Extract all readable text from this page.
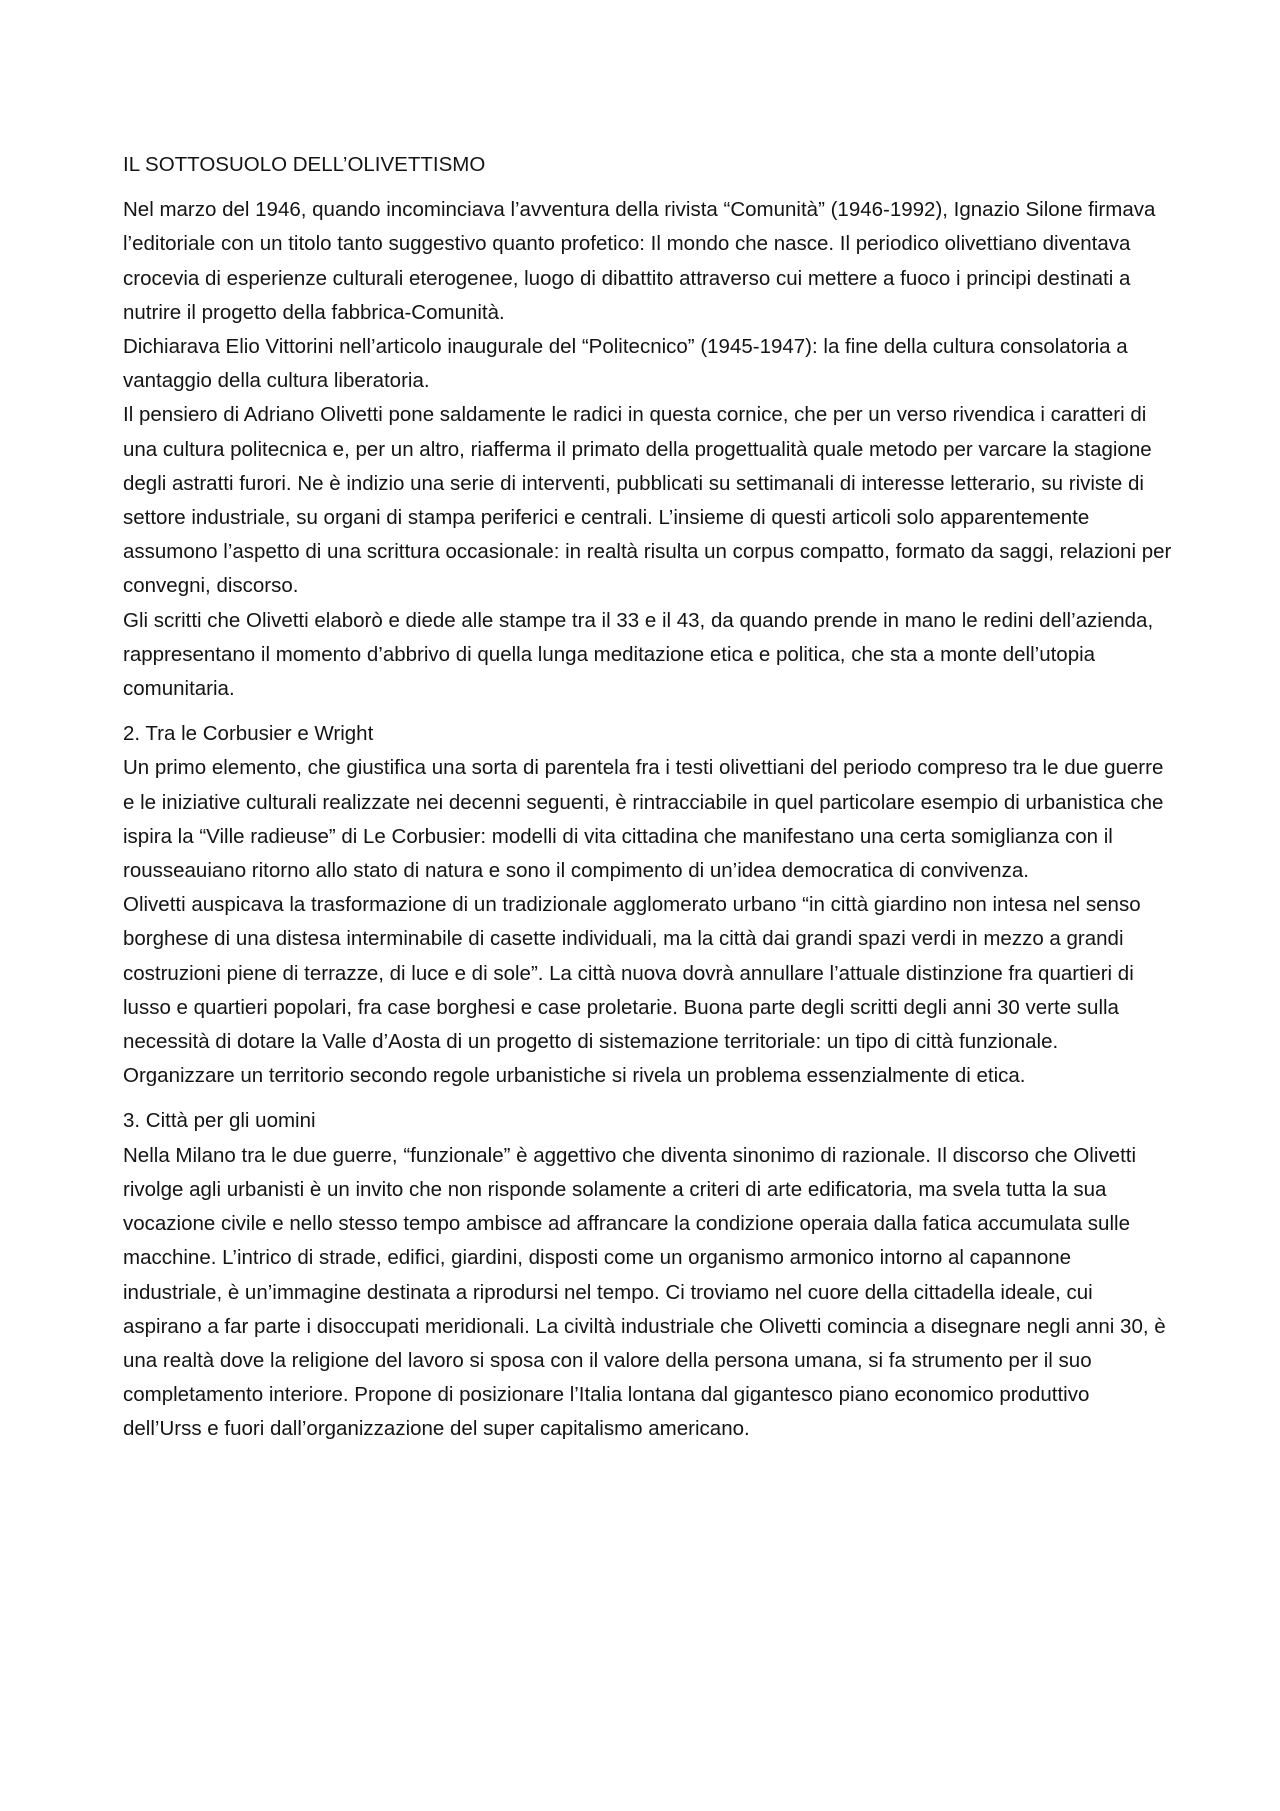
IL SOTTOSUOLO DELL’OLIVETTISMO

Nel marzo del 1946, quando incominciava l’avventura della rivista “Comunità” (1946-1992), Ignazio Silone firmava l’editoriale con un titolo tanto suggestivo quanto profetico: Il mondo che nasce. Il periodico olivettiano diventava crocevia di esperienze culturali eterogenee, luogo di dibattito attraverso cui mettere a fuoco i principi destinati a nutrire il progetto della fabbrica-Comunità.

Dichiarava Elio Vittorini nell’articolo inaugurale del “Politecnico” (1945-1947): la fine della cultura consolatoria a vantaggio della cultura liberatoria.

Il pensiero di Adriano Olivetti pone saldamente le radici in questa cornice, che per un verso rivendica i caratteri di una cultura politecnica e, per un altro, riafferma il primato della progettualità quale metodo per varcare la stagione degli astratti furori. Ne è indizio una serie di interventi, pubblicati su settimanali di interesse letterario, su riviste di settore industriale, su organi di stampa periferici e centrali. L’insieme di questi articoli solo apparentemente assumono l’aspetto di una scrittura occasionale: in realtà risulta un corpus compatto, formato da saggi, relazioni per convegni, discorso.

Gli scritti che Olivetti elaborò e diede alle stampe tra il 33 e il 43, da quando prende in mano le redini dell’azienda, rappresentano il momento d’abbrivo di quella lunga meditazione etica e politica, che sta a monte dell’utopia comunitaria.

2. Tra le Corbusier e Wright

Un primo elemento, che giustifica una sorta di parentela fra i testi olivettiani del periodo compreso tra le due guerre e le iniziative culturali realizzate nei decenni seguenti, è rintracciabile in quel particolare esempio di urbanistica che ispira la “Ville radieuse” di Le Corbusier: modelli di vita cittadina che manifestano una certa somiglianza con il rousseauiano ritorno allo stato di natura e sono il compimento di un’idea democratica di convivenza.

Olivetti auspicava la trasformazione di un tradizionale agglomerato urbano “in città giardino non intesa nel senso borghese di una distesa interminabile di casette individuali, ma la città dai grandi spazi verdi in mezzo a grandi costruzioni piene di terrazze, di luce e di sole”. La città nuova dovrà annullare l’attuale distinzione fra quartieri di lusso e quartieri popolari, fra case borghesi e case proletarie. Buona parte degli scritti degli anni 30 verte sulla necessità di dotare la Valle d’Aosta di un progetto di sistemazione territoriale: un tipo di città funzionale. Organizzare un territorio secondo regole urbanistiche si rivela un problema essenzialmente di etica.

3. Città per gli uomini

Nella Milano tra le due guerre, “funzionale” è aggettivo che diventa sinonimo di razionale. Il discorso che Olivetti rivolge agli urbanisti è un invito che non risponde solamente a criteri di arte edificatoria, ma svela tutta la sua vocazione civile e nello stesso tempo ambisce ad affrancare la condizione operaia dalla fatica accumulata sulle macchine. L’intrico di strade, edifici, giardini, disposti come un organismo armonico intorno al capannone industriale, è un’immagine destinata a riprodursi nel tempo. Ci troviamo nel cuore della cittadella ideale, cui aspirano a far parte i disoccupati meridionali. La civiltà industriale che Olivetti comincia a disegnare negli anni 30, è una realtà dove la religione del lavoro si sposa con il valore della persona umana, si fa strumento per il suo completamento interiore. Propone di posizionare l’Italia lontana dal gigantesco piano economico produttivo dell’Urss e fuori dall’organizzazione del super capitalismo americano.
